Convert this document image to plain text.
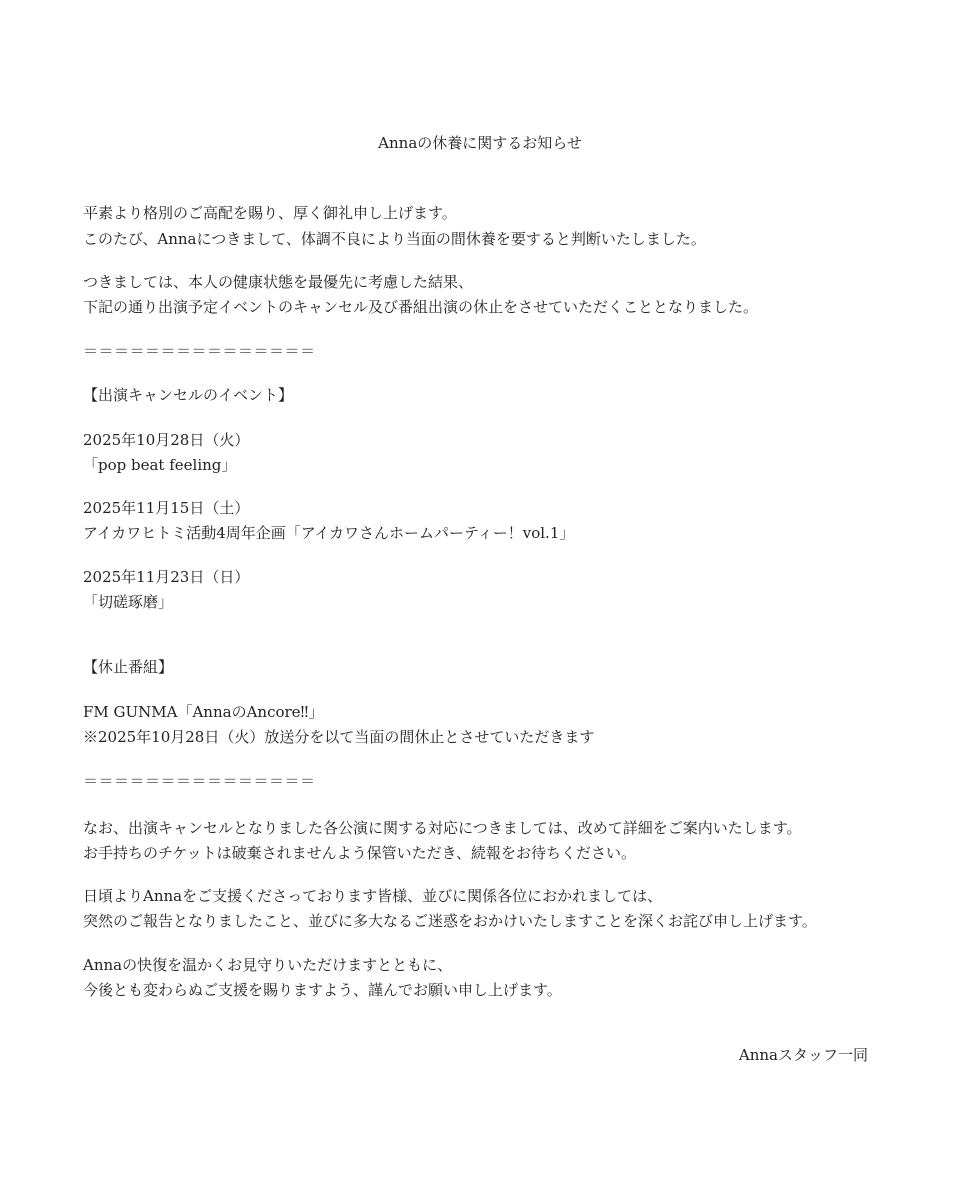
Annaの休養に関するお知らせ
平素より格別のご高配を賜り、厚く御礼申し上げます。
このたび、Annaにつきまして、体調不良により当面の間休養を要すると判断いたしました。
つきましては、本人の健康状態を最優先に考慮した結果、
下記の通り出演予定イベントのキャンセル及び番組出演の休止をさせていただくこととなりました。
＝＝＝＝＝＝＝＝＝＝＝＝＝＝＝
【出演キャンセルのイベント】
2025年10月28日（火）
「pop beat feeling」
2025年11月15日（土）
アイカワヒトミ活動4周年企画「アイカワさんホームパーティー！vol.1」
2025年11月23日（日）
「切磋琢磨」
【休止番組】
FM GUNMA「AnnaのAncore‼」
※2025年10月28日（火）放送分を以て当面の間休止とさせていただきます
＝＝＝＝＝＝＝＝＝＝＝＝＝＝＝
なお、出演キャンセルとなりました各公演に関する対応につきましては、改めて詳細をご案内いたします。
お手持ちのチケットは破棄されませんよう保管いただき、続報をお待ちください。
日頃よりAnnaをご支援くださっております皆様、並びに関係各位におかれましては、
突然のご報告となりましたこと、並びに多大なるご迷惑をおかけいたしますことを深くお詫び申し上げます。
Annaの快復を温かくお見守りいただけますとともに、
今後とも変わらぬご支援を賜りますよう、謹んでお願い申し上げます。
Annaスタッフ一同
